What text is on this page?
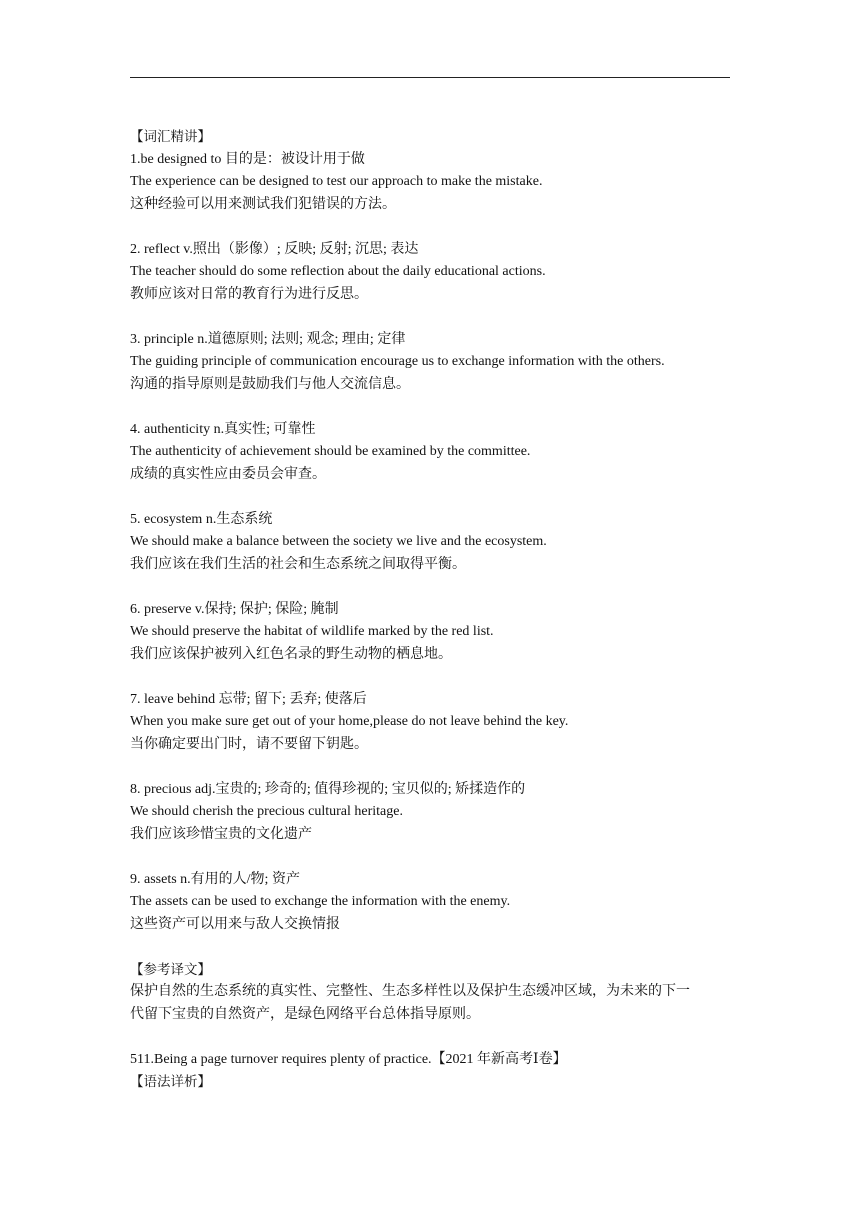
【词汇精讲】
1.be designed to 目的是：被设计用于做
The experience can be designed to test our approach to make the mistake.
这种经验可以用来测试我们犯错误的方法。
2. reflect v.照出（影像）; 反映; 反射; 沉思; 表达
The teacher should do some reflection about the daily educational actions.
教师应该对日常的教育行为进行反思。
3. principle n.道德原则; 法则; 观念; 理由; 定律
The guiding principle of communication encourage us to exchange information with the others.
沟通的指导原则是鼓励我们与他人交流信息。
4. authenticity n.真实性; 可靠性
The authenticity of achievement should be examined by the committee.
成绩的真实性应由委员会审查。
5. ecosystem n.生态系统
We should make a balance between the society we live and the ecosystem.
我们应该在我们生活的社会和生态系统之间取得平衡。
6. preserve v.保持; 保护; 保险; 腌制
We should preserve the habitat of wildlife marked by the red list.
我们应该保护被列入红色名录的野生动物的栖息地。
7. leave behind 忘带; 留下; 丢弃; 使落后
When you make sure get out of your home,please do not leave behind the key.
当你确定要出门时，请不要留下钥匙。
8. precious adj.宝贵的; 珍奇的; 值得珍视的; 宝贝似的; 矫揉造作的
We should cherish the precious cultural heritage.
我们应该珍惜宝贵的文化遗产
9. assets n.有用的人/物; 资产
The assets can be used to exchange the information with the enemy.
这些资产可以用来与敌人交换情报
【参考译文】
保护自然的生态系统的真实性、完整性、生态多样性以及保护生态缓冲区域，为未来的下一
代留下宝贵的自然资产，是绿色网络平台总体指导原则。
511.Being a page turnover requires plenty of practice.【2021 年新高考Ⅰ卷】
【语法详析】
